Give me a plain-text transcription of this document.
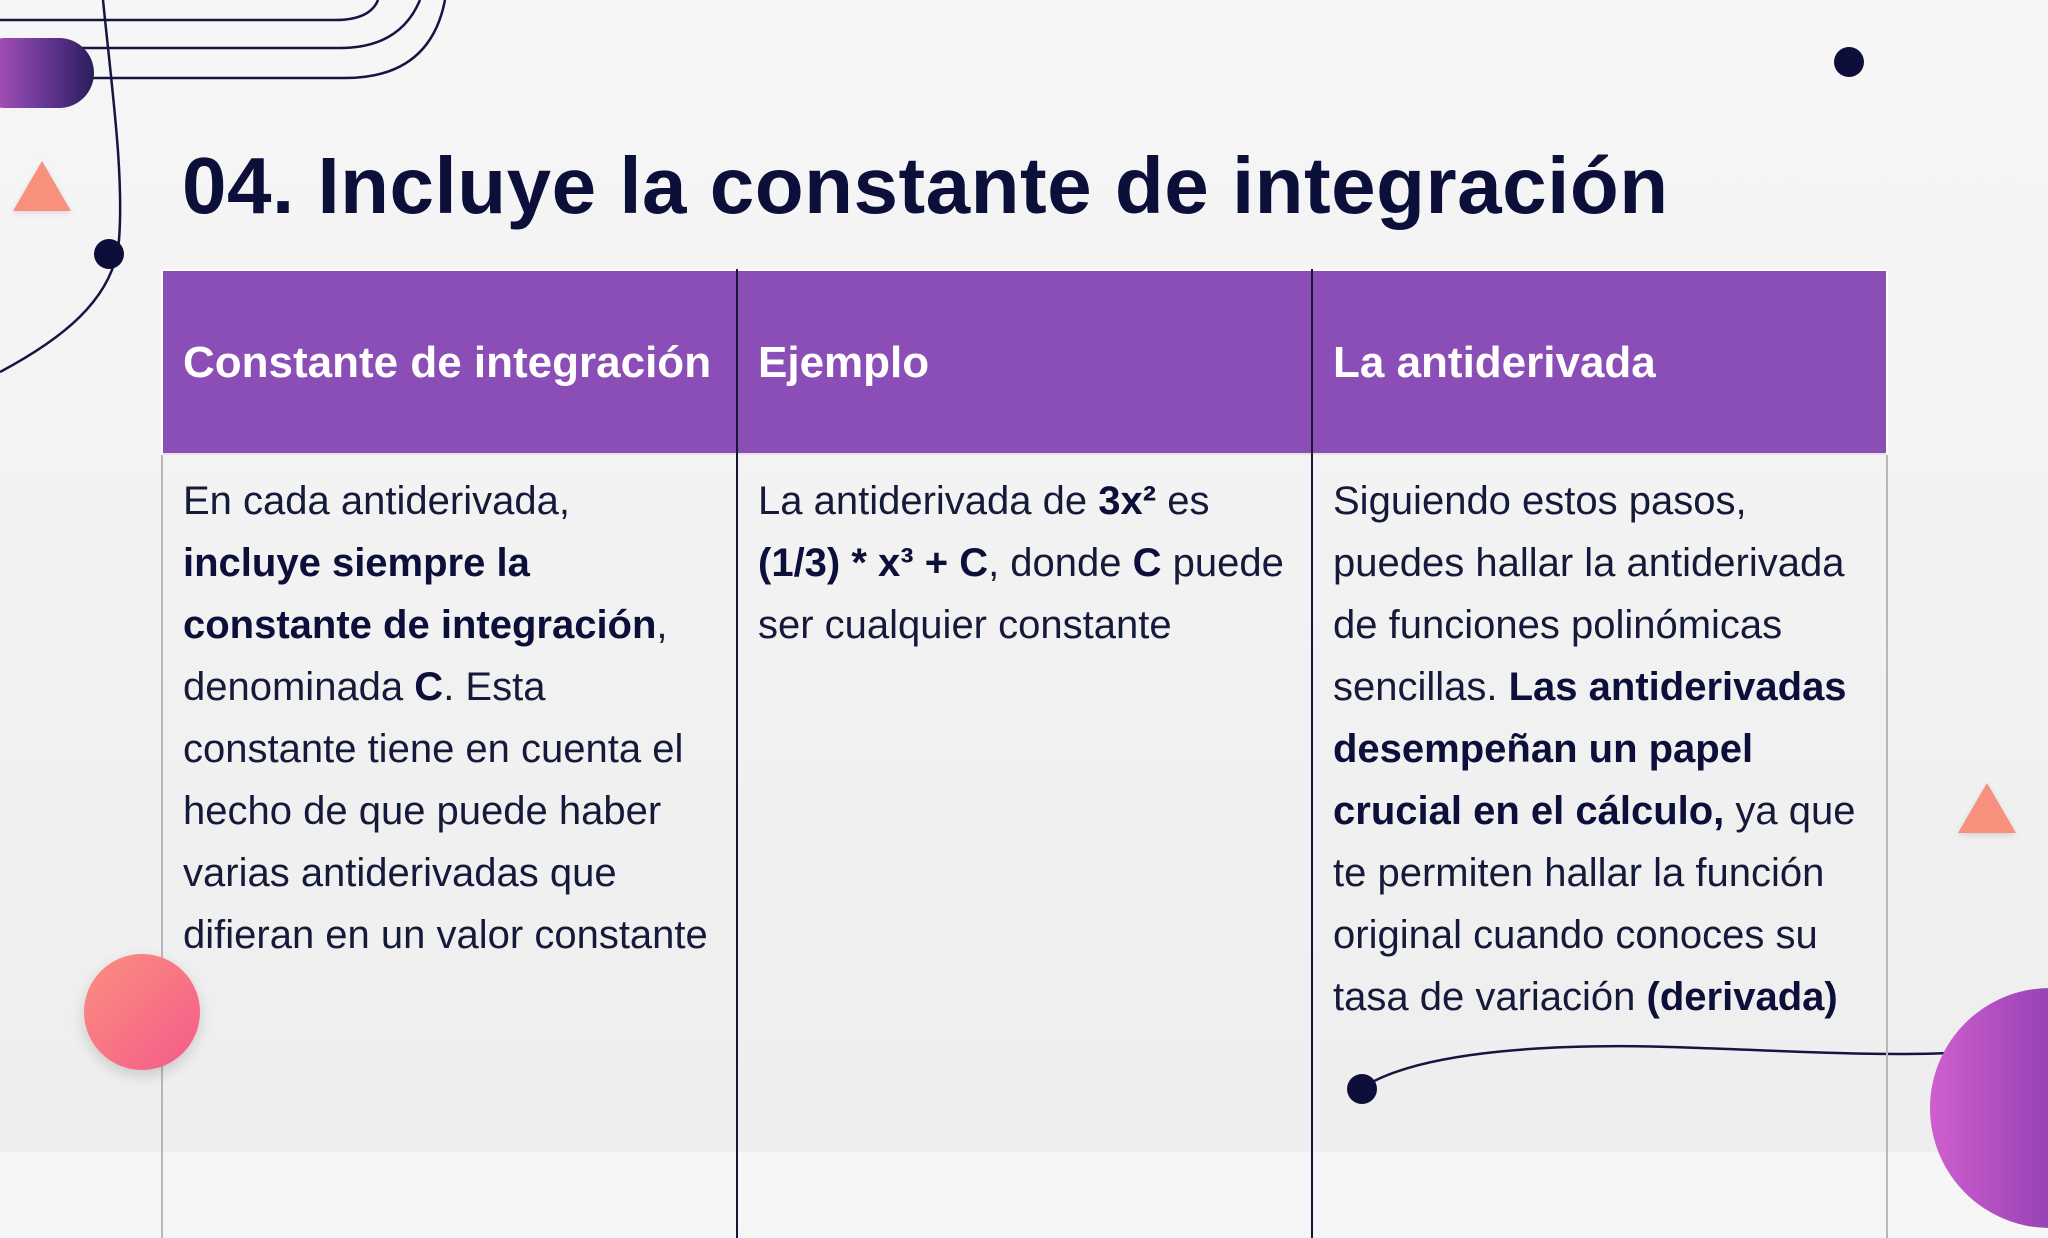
04. Incluye la constante de integración
Constante de integración	Ejemplo	La antiderivada
En cada antiderivada, incluye siempre la constante de integración, denominada C. Esta constante tiene en cuenta el hecho de que puede haber varias antiderivadas que difieran en un valor constante	La antiderivada de 3x² es (1/3) * x³ + C, donde C puede ser cualquier constante	Siguiendo estos pasos, puedes hallar la antiderivada de funciones polinómicas sencillas. Las antiderivadas desempeñan un papel crucial en el cálculo, ya que te permiten hallar la función original cuando conoces su tasa de variación (derivada)
